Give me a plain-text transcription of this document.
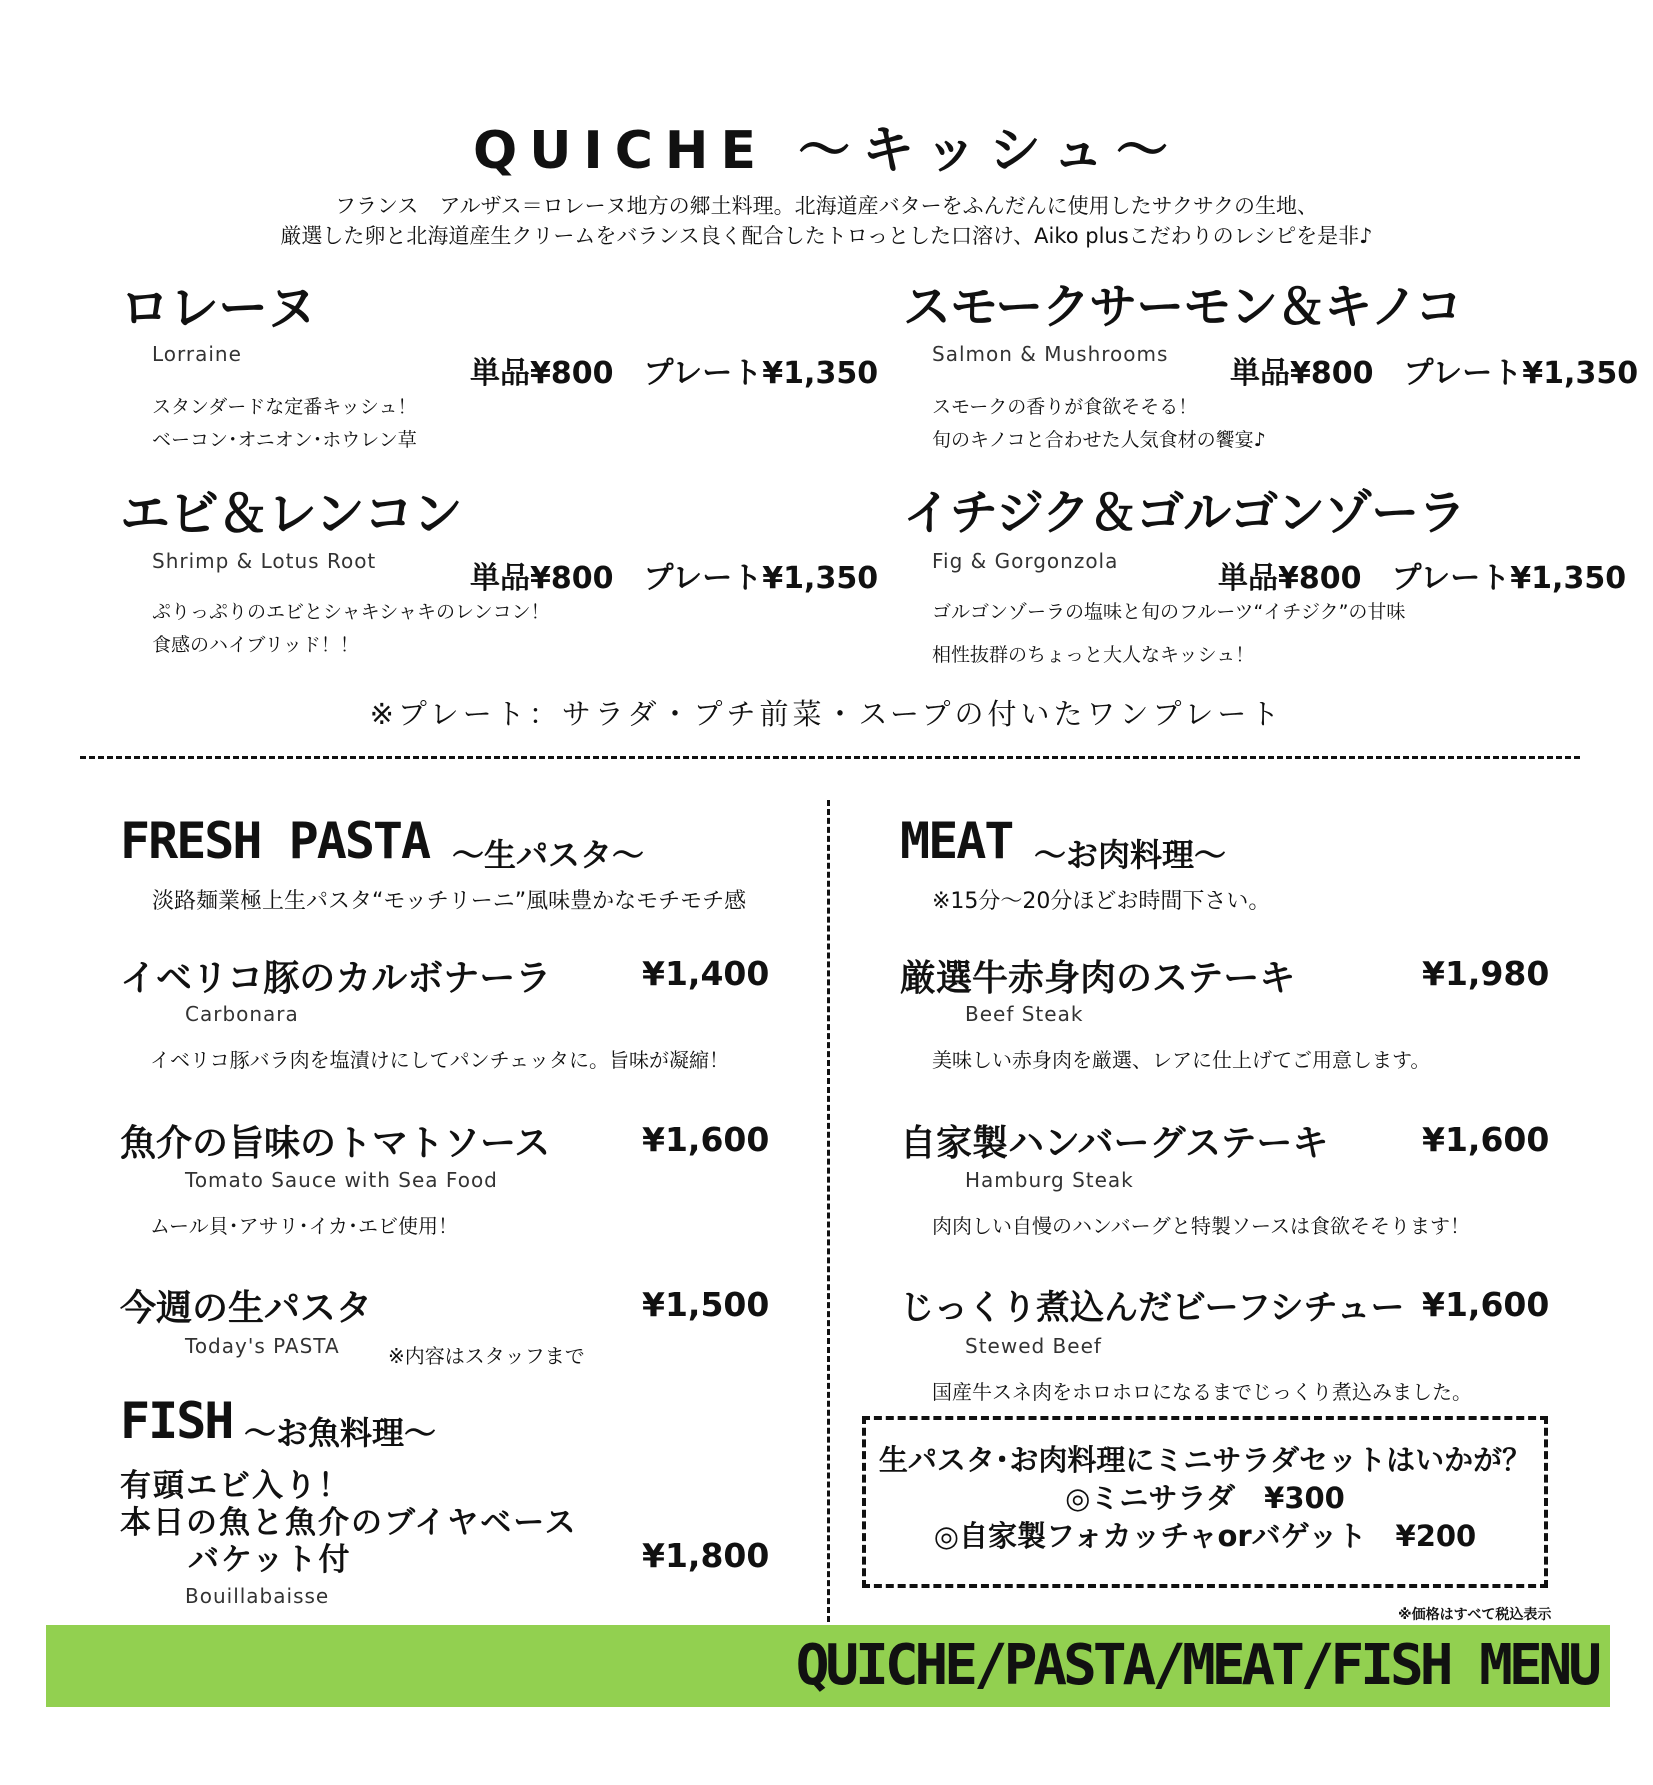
QUICHE ～キッシュ～
フランス　アルザス＝ロレーヌ地方の郷土料理。北海道産バターをふんだんに使用したサクサクの生地、
厳選した卵と北海道産生クリームをバランス良く配合したトロっとした口溶け、Aiko plusこだわりのレシピを是非♪
ロレーヌ
Lorraine
単品¥800　プレート¥1,350
スタンダードな定番キッシュ！
ベーコン･オニオン･ホウレン草
スモークサーモン＆キノコ
Salmon & Mushrooms
単品¥800　プレート¥1,350
スモークの香りが食欲そそる！
旬のキノコと合わせた人気食材の饗宴♪
エビ＆レンコン
Shrimp & Lotus Root	単品¥800　プレート¥1,350
ぷりっぷりのエビとシャキシャキのレンコン！
食感のハイブリッド！！
イチジク＆ゴルゴンゾーラ
Fig & Gorgonzola	単品¥800　プレート¥1,350
ゴルゴンゾーラの塩味と旬のフルーツ“イチジク”の甘味
相性抜群のちょっと大人なキッシュ！
※プレート：サラダ・プチ前菜・スープの付いたワンプレート
FRESH PASTA ～生パスタ～
淡路麺業極上生パスタ“モッチリーニ”風味豊かなモチモチ感
イベリコ豚のカルボナーラ	¥1,400
Carbonara
イベリコ豚バラ肉を塩漬けにしてパンチェッタに。旨味が凝縮！
魚介の旨味のトマトソース	¥1,600
Tomato Sauce with Sea Food
ムール貝･アサリ･イカ･エビ使用！
今週の生パスタ	¥1,500
Today's PASTA ※内容はスタッフまで
FISH ～お魚料理～
有頭エビ入り！
本日の魚と魚介のブイヤベース
バケット付	¥1,800
Bouillabaisse
MEAT ～お肉料理～
※15分～20分ほどお時間下さい。
厳選牛赤身肉のステーキ	¥1,980
Beef Steak
美味しい赤身肉を厳選、レアに仕上げてご用意します。
自家製ハンバーグステーキ	¥1,600
Hamburg Steak
肉肉しい自慢のハンバーグと特製ソースは食欲そそります！
じっくり煮込んだビーフシチュー ¥1,600
Stewed Beef
国産牛スネ肉をホロホロになるまでじっくり煮込みました。
生パスタ･お肉料理にミニサラダセットはいかが？
◎ミニサラダ　¥300
◎自家製フォカッチャorバゲット　¥200
※価格はすべて税込表示
QUICHE/PASTA/MEAT/FISH MENU
